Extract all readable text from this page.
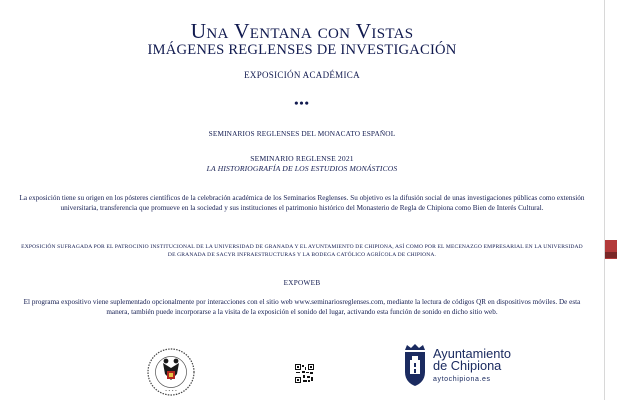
Una Ventana con Vistas
IMÁGENES REGLENSES DE INVESTIGACIÓN
EXPOSICIÓN ACADÉMICA
•••
SEMINARIOS REGLENSES DEL MONACATO ESPAÑOL
SEMINARIO REGLENSE 2021
LA HISTORIOGRAFÍA DE LOS ESTUDIOS MONÁSTICOS
La exposición tiene su origen en los pósteres científicos de la celebración académica de los Seminarios Reglenses. Su objetivo es la difusión social de unas investigaciones públicas como extensión universitaria, transferencia que promueve en la sociedad y sus instituciones el patrimonio histórico del Monasterio de Regla de Chipiona como Bien de Interés Cultural.
EXPOSICIÓN SUFRAGADA POR EL PATROCINIO INSTITUCIONAL DE LA UNIVERSIDAD DE GRANADA Y EL AYUNTAMIENTO DE CHIPIONA, ASÍ COMO POR EL MECENAZGO EMPRESARIAL EN LA UNIVERSIDAD DE GRANADA DE SACYR INFRAESTRUCTURAS Y LA BODEGA CATÓLICO AGRÍCOLA DE CHIPIONA.
EXPOWEB
El programa expositivo viene suplementado opcionalmente por interacciones con el sitio web www.seminariosreglenses.com, mediante la lectura de códigos QR en dispositivos móviles. De esta manera, también puede incorporarse a la visita de la exposición el sonido del lugar, activando esta función de sonido en dicho sitio web.
• • • •
Ayuntamiento de Chipiona
aytochipiona.es
